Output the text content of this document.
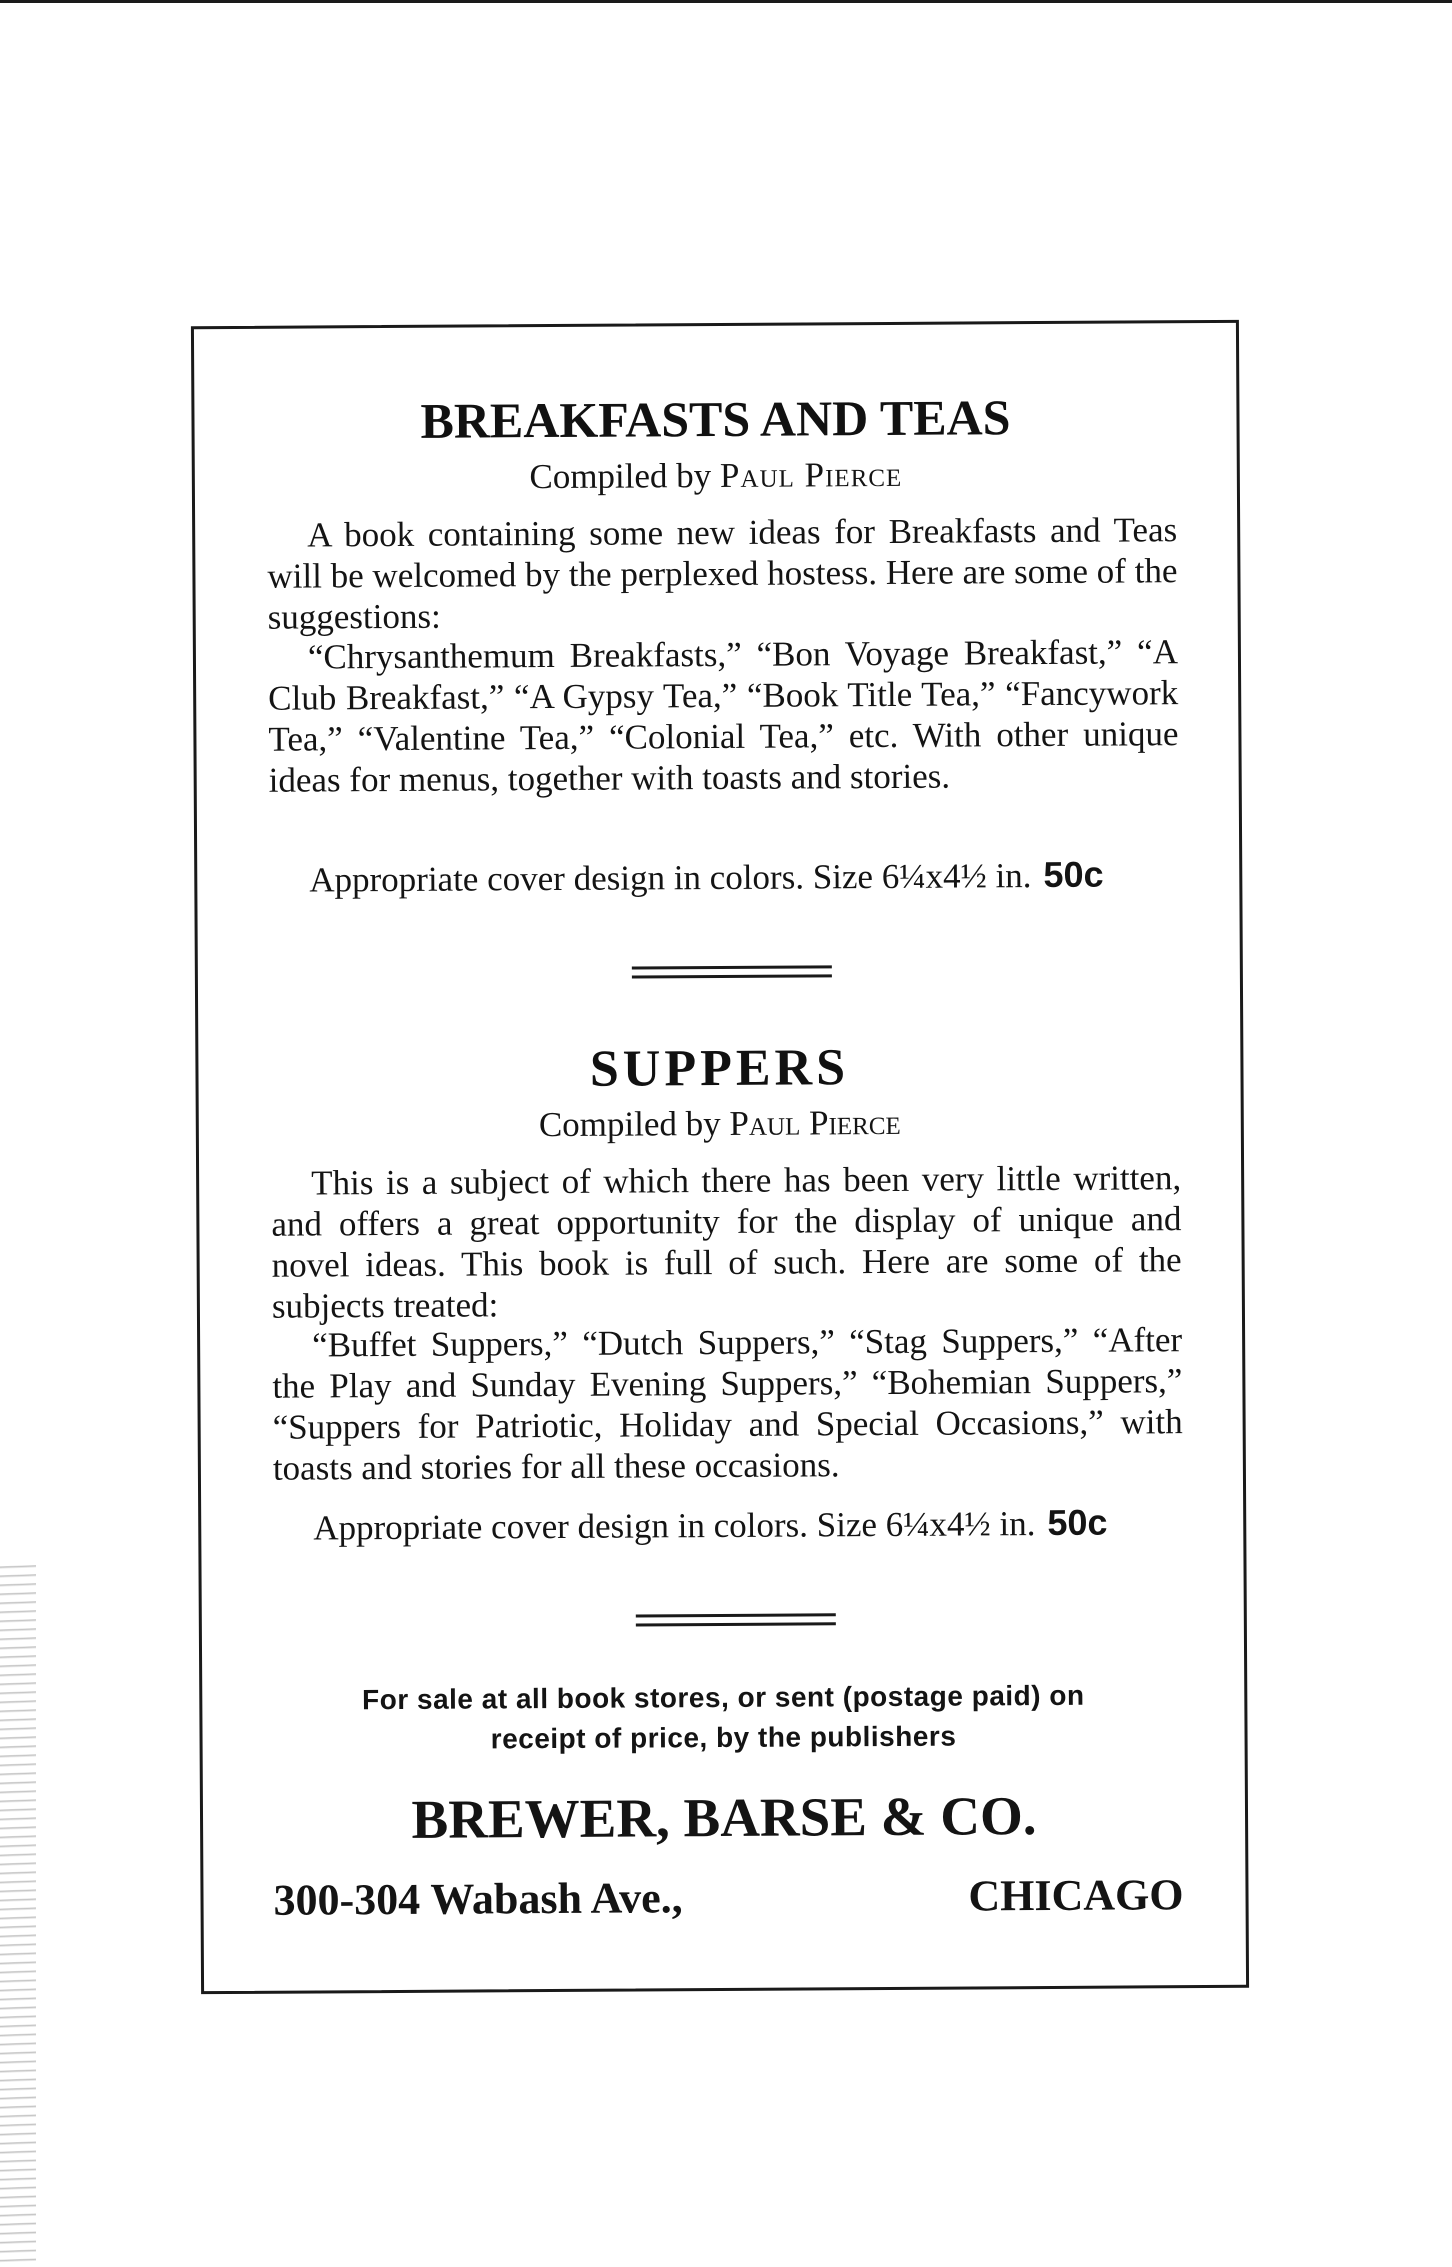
BREAKFASTS AND TEAS
Compiled by Paul Pierce
A book containing some new ideas for Breakfasts and Teas will be welcomed by the perplexed hostess. Here are some of the suggestions:
“Chrysanthemum Breakfasts,” “Bon Voyage Breakfast,” “A Club Breakfast,” “A Gypsy Tea,” “Book Title Tea,” “Fancywork Tea,” “Valentine Tea,” “Colonial Tea,” etc. With other unique ideas for menus, together with toasts and stories.
Appropriate cover design in colors. Size 6¼x4½ in. 50c
SUPPERS
Compiled by Paul Pierce
This is a subject of which there has been very little written, and offers a great opportunity for the display of unique and novel ideas. This book is full of such. Here are some of the subjects treated:
“Buffet Suppers,” “Dutch Suppers,” “Stag Suppers,” “After the Play and Sunday Evening Suppers,” “Bohemian Suppers,” “Suppers for Patriotic, Holiday and Special Occasions,” with toasts and stories for all these occasions.
Appropriate cover design in colors. Size 6¼x4½ in. 50c
For sale at all book stores, or sent (postage paid) on
receipt of price, by the publishers
BREWER, BARSE & CO.
300-304 Wabash Ave.,	CHICAGO
